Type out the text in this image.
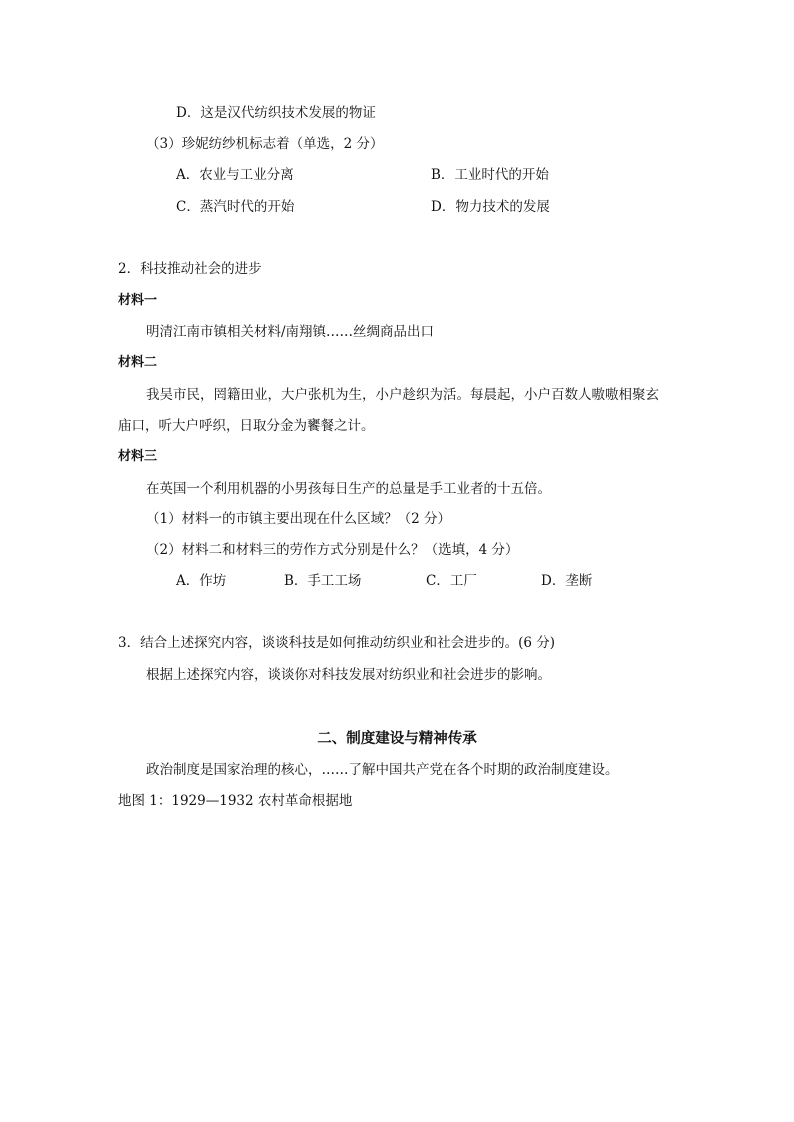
D．这是汉代纺织技术发展的物证
（3）珍妮纺纱机标志着（单选，2 分）
A．农业与工业分离	B．工业时代的开始
C．蒸汽时代的开始	D．物力技术的发展
2．科技推动社会的进步
材料一
明清江南市镇相关材料/南翔镇……丝绸商品出口
材料二
我吴市民，罔籍田业，大户张机为生，小户趁织为活。每晨起，小户百数人嗷嗷相聚玄
庙口，听大户呼织，日取分金为饔餐之计。
材料三
在英国一个利用机器的小男孩每日生产的总量是手工业者的十五倍。
（1）材料一的市镇主要出现在什么区域？（2 分）
（2）材料二和材料三的劳作方式分别是什么？（选填，4 分）
A．作坊	B．手工工场	C．工厂	D．垄断
3．结合上述探究内容，谈谈科技是如何推动纺织业和社会进步的。(6 分)
根据上述探究内容，谈谈你对科技发展对纺织业和社会进步的影响。
二、制度建设与精神传承
政治制度是国家治理的核心，……了解中国共产党在各个时期的政治制度建设。
地图 1：1929—1932 农村革命根据地
